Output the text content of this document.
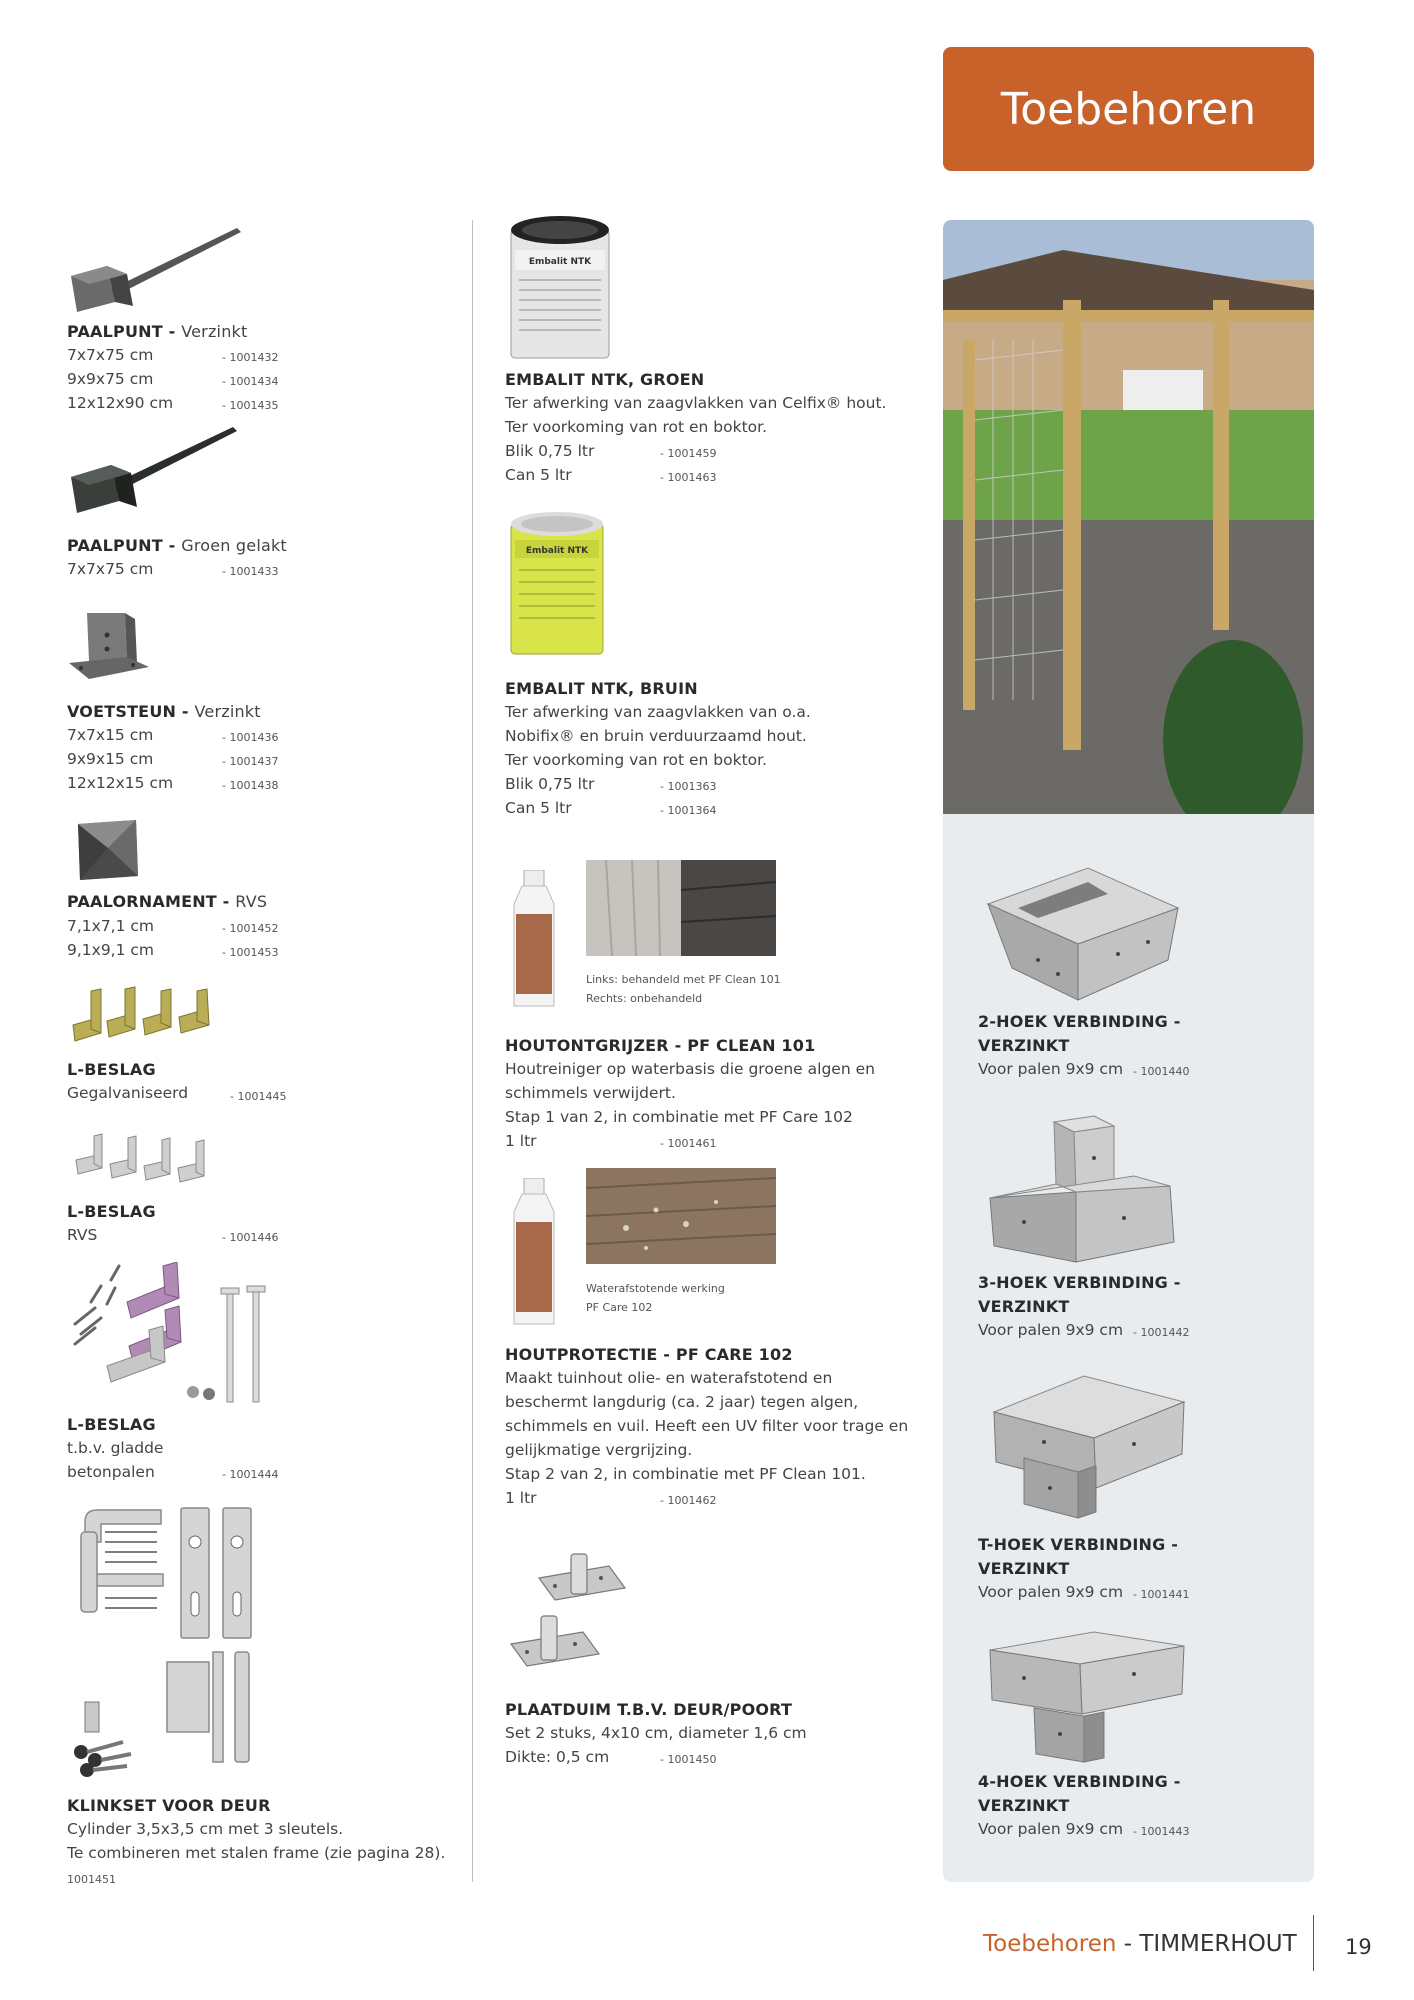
Toebehoren
PAALPUNT - Verzinkt
7x7x75 cm	- 1001432
9x9x75 cm	- 1001434
12x12x90 cm	- 1001435
PAALPUNT - Groen gelakt
7x7x75 cm	- 1001433
VOETSTEUN - Verzinkt
7x7x15 cm	- 1001436
9x9x15 cm	- 1001437
12x12x15 cm	- 1001438
PAALORNAMENT - RVS
7,1x7,1 cm	- 1001452
9,1x9,1 cm	- 1001453
L-BESLAG
Gegalvaniseerd	- 1001445
L-BESLAG
RVS	- 1001446
L-BESLAG
t.b.v. gladde
betonpalen	- 1001444
KLINKSET VOOR DEUR
Cylinder 3,5x3,5 cm met 3 sleutels.
Te combineren met stalen frame (zie pagina 28).
1001451
Embalit NTK
EMBALIT NTK, GROEN
Ter afwerking van zaagvlakken van Celfix® hout.
Ter voorkoming van rot en boktor.
Blik 0,75 ltr	- 1001459
Can 5 ltr	- 1001463
Embalit NTK
EMBALIT NTK, BRUIN
Ter afwerking van zaagvlakken van o.a.
Nobifix® en bruin verduurzaamd hout.
Ter voorkoming van rot en boktor.
Blik 0,75 ltr	- 1001363
Can 5 ltr	- 1001364
Links: behandeld met PF Clean 101
Rechts: onbehandeld
HOUTONTGRIJZER - PF CLEAN 101
Houtreiniger op waterbasis die groene algen en
schimmels verwijdert.
Stap 1 van 2, in combinatie met PF Care 102
1 ltr	- 1001461
Waterafstotende werking
PF Care 102
HOUTPROTECTIE - PF CARE 102
Maakt tuinhout olie- en waterafstotend en
beschermt langdurig (ca. 2 jaar) tegen algen,
schimmels en vuil. Heeft een UV filter voor trage en
gelijkmatige vergrijzing.
Stap 2 van 2, in combinatie met PF Clean 101.
1 ltr	- 1001462
PLAATDUIM T.B.V. DEUR/POORT
Set 2 stuks, 4x10 cm, diameter 1,6 cm
Dikte: 0,5 cm	- 1001450
2-HOEK VERBINDING -
VERZINKT
Voor palen 9x9 cm	- 1001440
3-HOEK VERBINDING -
VERZINKT
Voor palen 9x9 cm	- 1001442
T-HOEK VERBINDING -
VERZINKT
Voor palen 9x9 cm	- 1001441
4-HOEK VERBINDING -
VERZINKT
Voor palen 9x9 cm	- 1001443
Toebehoren - TIMMERHOUT 19
